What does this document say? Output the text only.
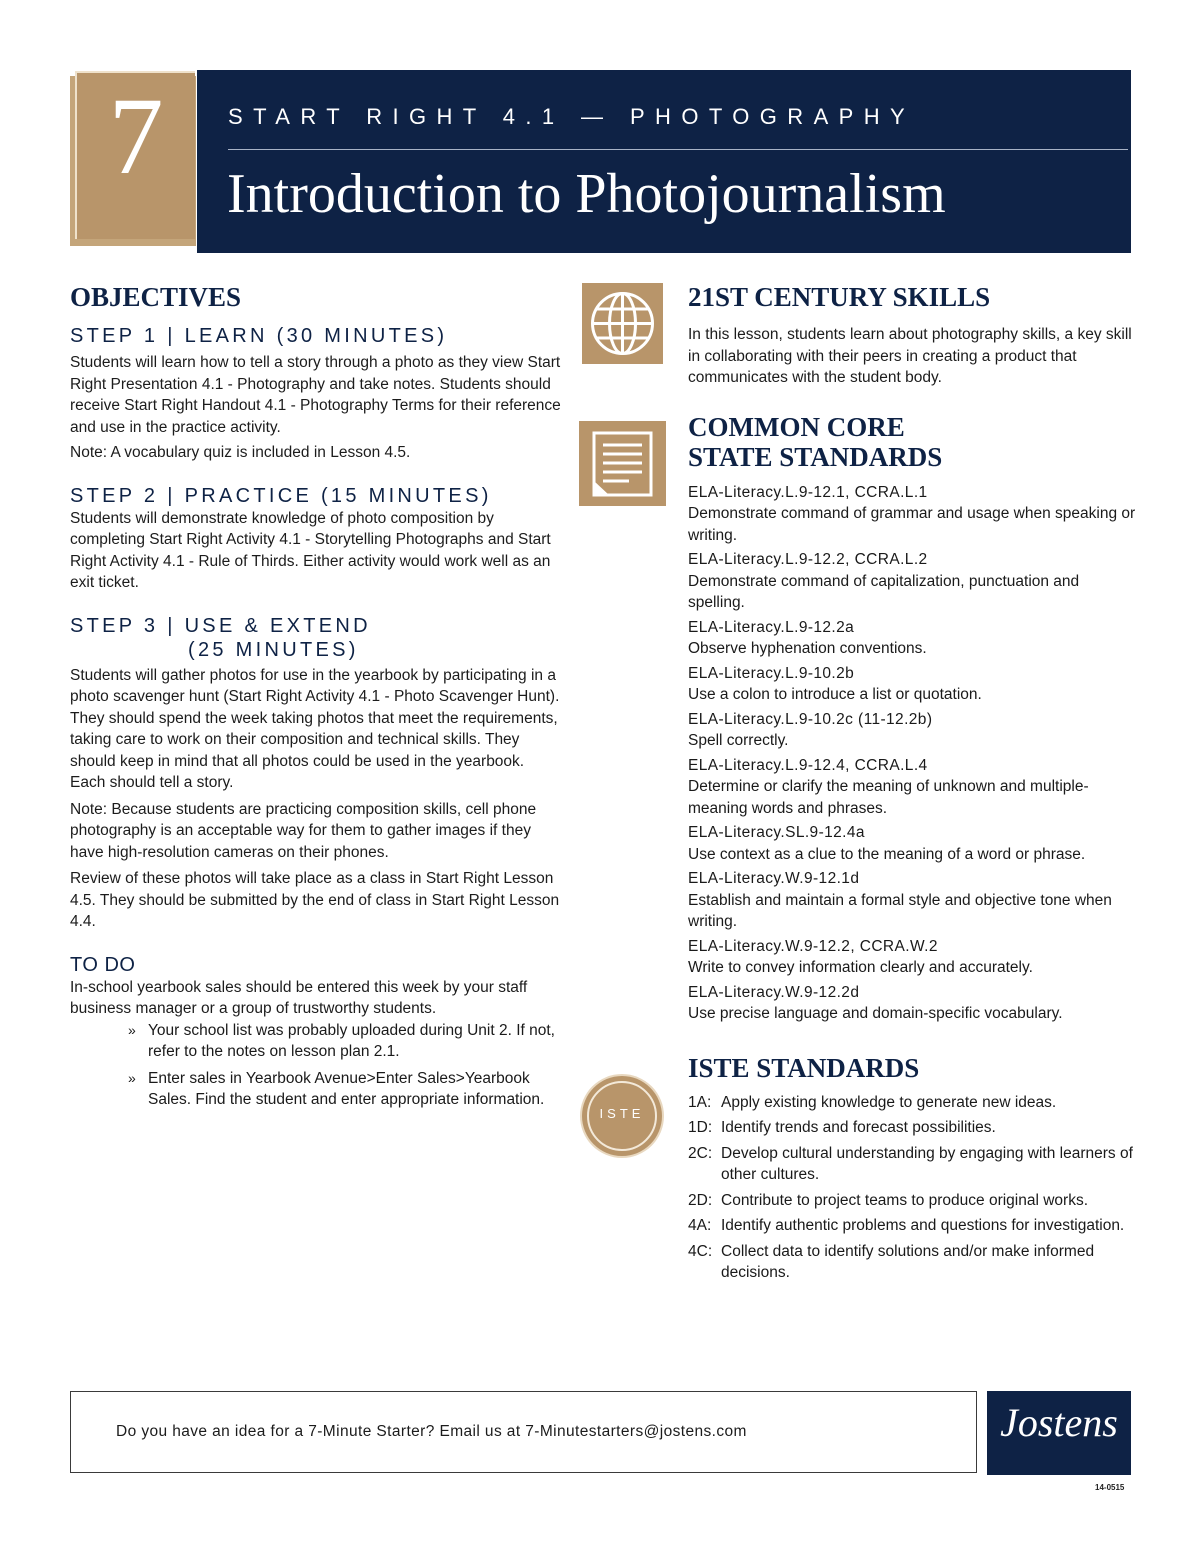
7	START RIGHT 4.1 — PHOTOGRAPHY
Introduction to Photojournalism
OBJECTIVES
STEP 1 | LEARN (30 MINUTES)

Students will learn how to tell a story through a photo as they view Start Right Presentation 4.1 - Photography and take notes. Students should receive Start Right Handout 4.1 - Photography Terms for their reference and use in the practice activity.

Note: A vocabulary quiz is included in Lesson 4.5.

STEP 2 | PRACTICE (15 MINUTES)

Students will demonstrate knowledge of photo composition by completing Start Right Activity 4.1 - Storytelling Photographs and Start Right Activity 4.1 - Rule of Thirds. Either activity would work well as an exit ticket.

STEP 3 | USE & EXTEND
(25 MINUTES)

Students will gather photos for use in the yearbook by participating in a photo scavenger hunt (Start Right Activity 4.1 - Photo Scavenger Hunt). They should spend the week taking photos that meet the requirements, taking care to work on their composition and technical skills. They should keep in mind that all photos could be used in the yearbook. Each should tell a story.

Note: Because students are practicing composition skills, cell phone photography is an acceptable way for them to gather images if they have high-resolution cameras on their phones.

Review of these photos will take place as a class in Start Right Lesson 4.5. They should be submitted by the end of class in Start Right Lesson 4.4.

TO DO

In-school yearbook sales should be entered this week by your staff business manager or a group of trustworthy students.

» Your school list was probably uploaded during Unit 2. If not, refer to the notes on lesson plan 2.1.
» Enter sales in Yearbook Avenue>Enter Sales>Yearbook Sales. Find the student and enter appropriate information.
ISTE
21ST CENTURY SKILLS
In this lesson, students learn about photography skills, a key skill in collaborating with their peers in creating a product that communicates with the student body.
COMMON CORE
STATE STANDARDS
ELA-Literacy.L.9-12.1, CCRA.L.1
Demonstrate command of grammar and usage when speaking or writing.
ELA-Literacy.L.9-12.2, CCRA.L.2
Demonstrate command of capitalization, punctuation and spelling.
ELA-Literacy.L.9-12.2a
Observe hyphenation conventions.
ELA-Literacy.L.9-10.2b
Use a colon to introduce a list or quotation.
ELA-Literacy.L.9-10.2c (11-12.2b)
Spell correctly.
ELA-Literacy.L.9-12.4, CCRA.L.4
Determine or clarify the meaning of unknown and multiple-meaning words and phrases.
ELA-Literacy.SL.9-12.4a
Use context as a clue to the meaning of a word or phrase.
ELA-Literacy.W.9-12.1d
Establish and maintain a formal style and objective tone when writing.
ELA-Literacy.W.9-12.2, CCRA.W.2
Write to convey information clearly and accurately.
ELA-Literacy.W.9-12.2d
Use precise language and domain-specific vocabulary.
ISTE STANDARDS
1A: Apply existing knowledge to generate new ideas.
1D: Identify trends and forecast possibilities.
2C: Develop cultural understanding by engaging with learners of other cultures.
2D: Contribute to project teams to produce original works.
4A: Identify authentic problems and questions for investigation.
4C: Collect data to identify solutions and/or make informed decisions.
Do you have an idea for a 7-Minute Starter? Email us at 7-Minutestarters@jostens.com	Jostens
14-0515
